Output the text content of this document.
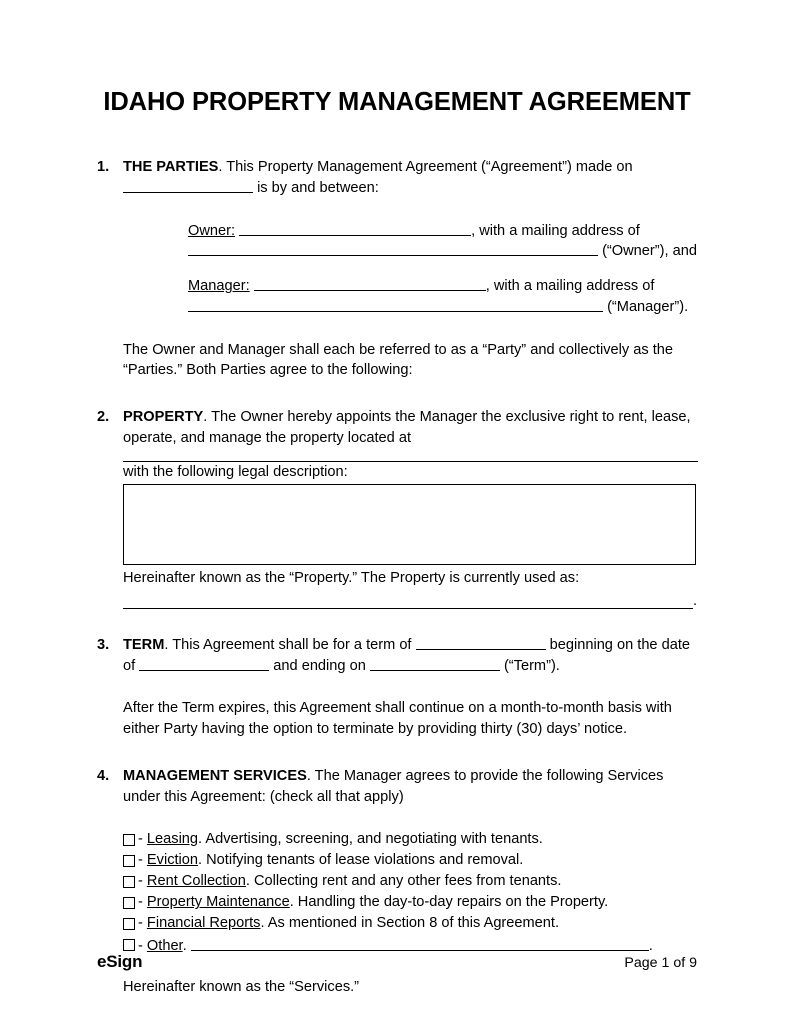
IDAHO PROPERTY MANAGEMENT AGREEMENT
1. THE PARTIES. This Property Management Agreement (“Agreement”) made on  is by and between:
Owner:	, with a mailing address of
(“Owner”), and
Manager:	, with a mailing address of
(“Manager”).
The Owner and Manager shall each be referred to as a “Party” and collectively as the “Parties.” Both Parties agree to the following:
2. PROPERTY. The Owner hereby appoints the Manager the exclusive right to rent, lease, operate, and manage the property located at
with the following legal description:
Hereinafter known as the “Property.” The Property is currently used as:
.
3. TERM. This Agreement shall be for a term of	beginning on the date of	and ending on	(“Term”).
After the Term expires, this Agreement shall continue on a month-to-month basis with either Party having the option to terminate by providing thirty (30) days’ notice.
4. MANAGEMENT SERVICES. The Manager agrees to provide the following Services under this Agreement: (check all that apply)
- Leasing. Advertising, screening, and negotiating with tenants.
- Eviction. Notifying tenants of lease violations and removal.
- Rent Collection. Collecting rent and any other fees from tenants.
- Property Maintenance. Handling the day-to-day repairs on the Property.
- Financial Reports. As mentioned in Section 8 of this Agreement.
- Other.	.
Hereinafter known as the “Services.”
eSign	Page 1 of 9
